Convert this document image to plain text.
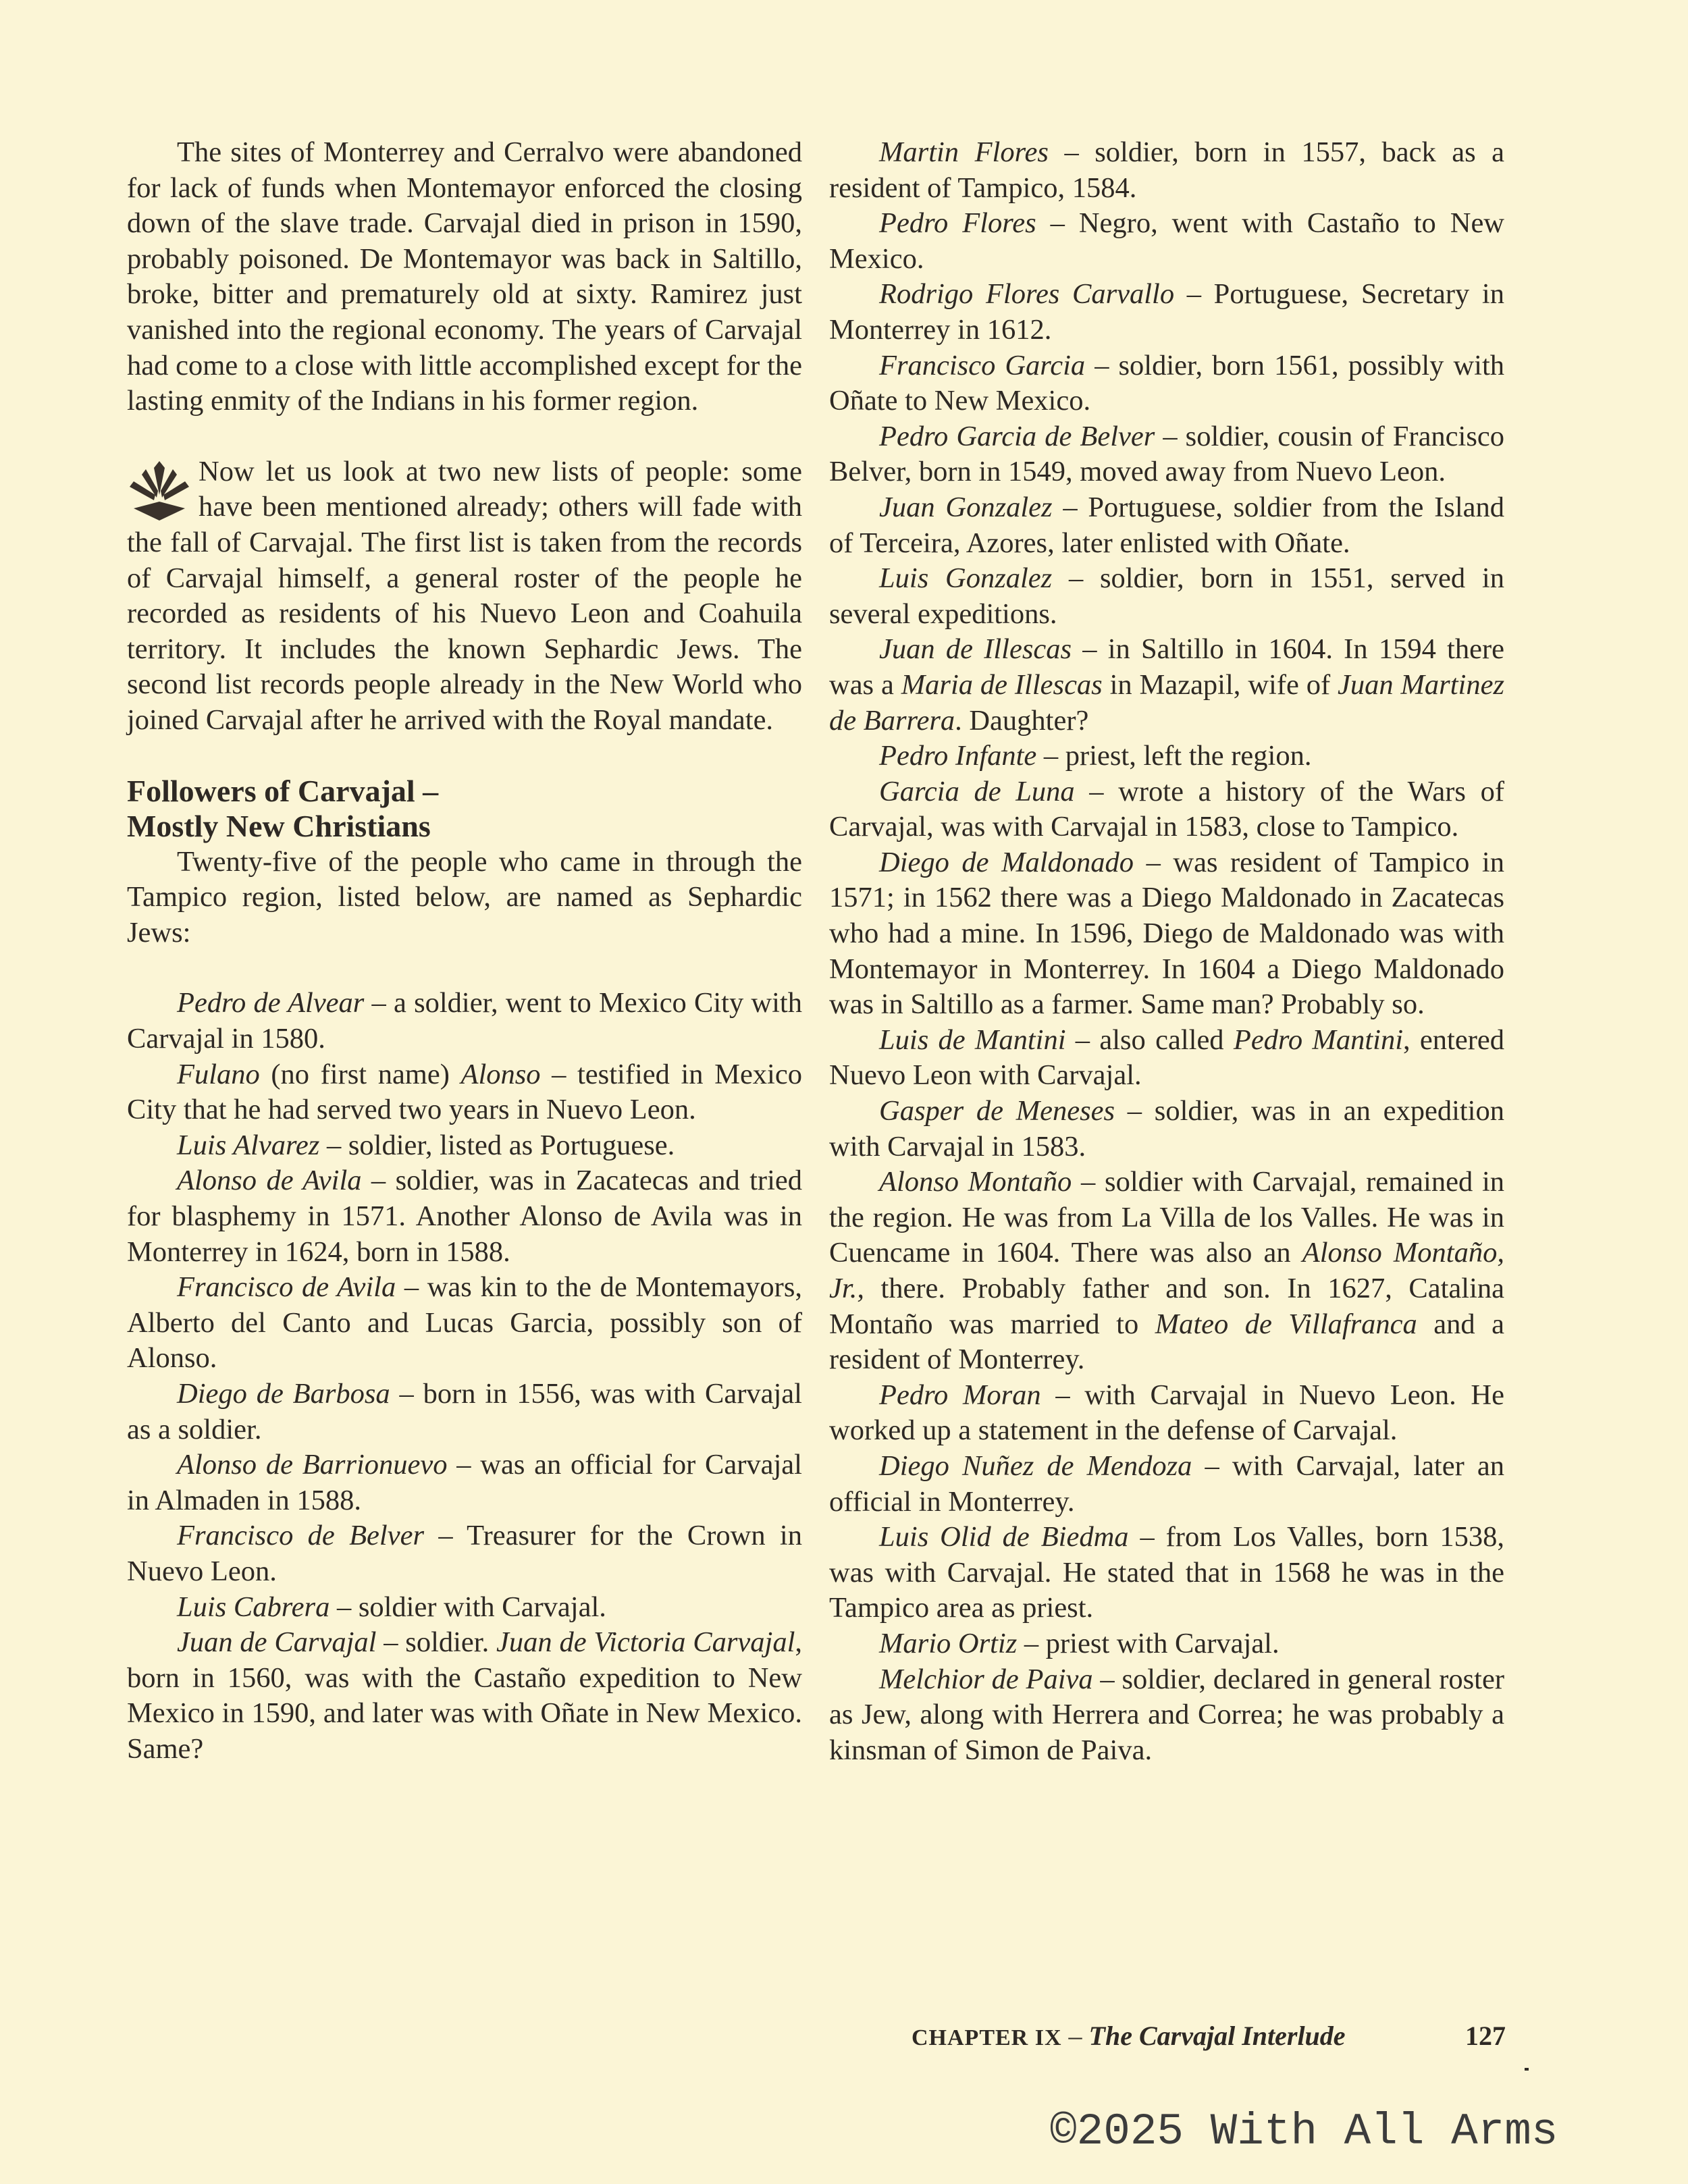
The sites of Monterrey and Cerralvo were abandoned for lack of funds when Montemayor enforced the closing down of the slave trade. Carvajal died in prison in 1590, probably poisoned. De Montemayor was back in Saltillo, broke, bitter and prematurely old at sixty. Ramirez just vanished into the regional economy. The years of Carvajal had come to a close with little accomplished except for the lasting enmity of the Indians in his former region.

Now let us look at two new lists of people: some have been mentioned already; others will fade with the fall of Carvajal. The first list is taken from the records of Carvajal himself, a general roster of the people he recorded as residents of his Nuevo Leon and Coahuila territory. It includes the known Sephardic Jews. The second list records people already in the New World who joined Carvajal after he arrived with the Royal mandate.

Followers of Carvajal –
Mostly New Christians

Twenty-five of the people who came in through the Tampico region, listed below, are named as Sephardic Jews:

Pedro de Alvear – a soldier, went to Mexico City with Carvajal in 1580.

Fulano (no first name) Alonso – testified in Mexico City that he had served two years in Nuevo Leon.

Luis Alvarez – soldier, listed as Portuguese.

Alonso de Avila – soldier, was in Zacatecas and tried for blasphemy in 1571. Another Alonso de Avila was in Monterrey in 1624, born in 1588.

Francisco de Avila – was kin to the de Montemayors, Alberto del Canto and Lucas Garcia, possibly son of Alonso.

Diego de Barbosa – born in 1556, was with Carvajal as a soldier.

Alonso de Barrionuevo – was an official for Carvajal in Almaden in 1588.

Francisco de Belver – Treasurer for the Crown in Nuevo Leon.

Luis Cabrera – soldier with Carvajal.

Juan de Carvajal – soldier. Juan de Victoria Carvajal, born in 1560, was with the Castaño expedition to New Mexico in 1590, and later was with Oñate in New Mexico. Same?

Martin Flores – soldier, born in 1557, back as a resident of Tampico, 1584.

Pedro Flores – Negro, went with Castaño to New Mexico.

Rodrigo Flores Carvallo – Portuguese, Secretary in Monterrey in 1612.

Francisco Garcia – soldier, born 1561, possibly with Oñate to New Mexico.

Pedro Garcia de Belver – soldier, cousin of Francisco Belver, born in 1549, moved away from Nuevo Leon.

Juan Gonzalez – Portuguese, soldier from the Island of Terceira, Azores, later enlisted with Oñate.

Luis Gonzalez – soldier, born in 1551, served in several expeditions.

Juan de Illescas – in Saltillo in 1604. In 1594 there was a Maria de Illescas in Mazapil, wife of Juan Martinez de Barrera. Daughter?

Pedro Infante – priest, left the region.

Garcia de Luna – wrote a history of the Wars of Carvajal, was with Carvajal in 1583, close to Tampico.

Diego de Maldonado – was resident of Tampico in 1571; in 1562 there was a Diego Maldonado in Zacatecas who had a mine. In 1596, Diego de Maldonado was with Montemayor in Monterrey. In 1604 a Diego Maldonado was in Saltillo as a farmer. Same man? Probably so.

Luis de Mantini – also called Pedro Mantini, entered Nuevo Leon with Carvajal.

Gasper de Meneses – soldier, was in an expedition with Carvajal in 1583.

Alonso Montaño – soldier with Carvajal, remained in the region. He was from La Villa de los Valles. He was in Cuencame in 1604. There was also an Alonso Montaño, Jr., there. Probably father and son. In 1627, Catalina Montaño was married to Mateo de Villafranca and a resident of Monterrey.

Pedro Moran – with Carvajal in Nuevo Leon. He worked up a statement in the defense of Carvajal.

Diego Nuñez de Mendoza – with Carvajal, later an official in Monterrey.

Luis Olid de Biedma – from Los Valles, born 1538, was with Carvajal. He stated that in 1568 he was in the Tampico area as priest.

Mario Ortiz – priest with Carvajal.

Melchior de Paiva – soldier, declared in general roster as Jew, along with Herrera and Correa; he was probably a kinsman of Simon de Paiva.

CHAPTER IX – The Carvajal Interlude	127
©2025 With All Arms
